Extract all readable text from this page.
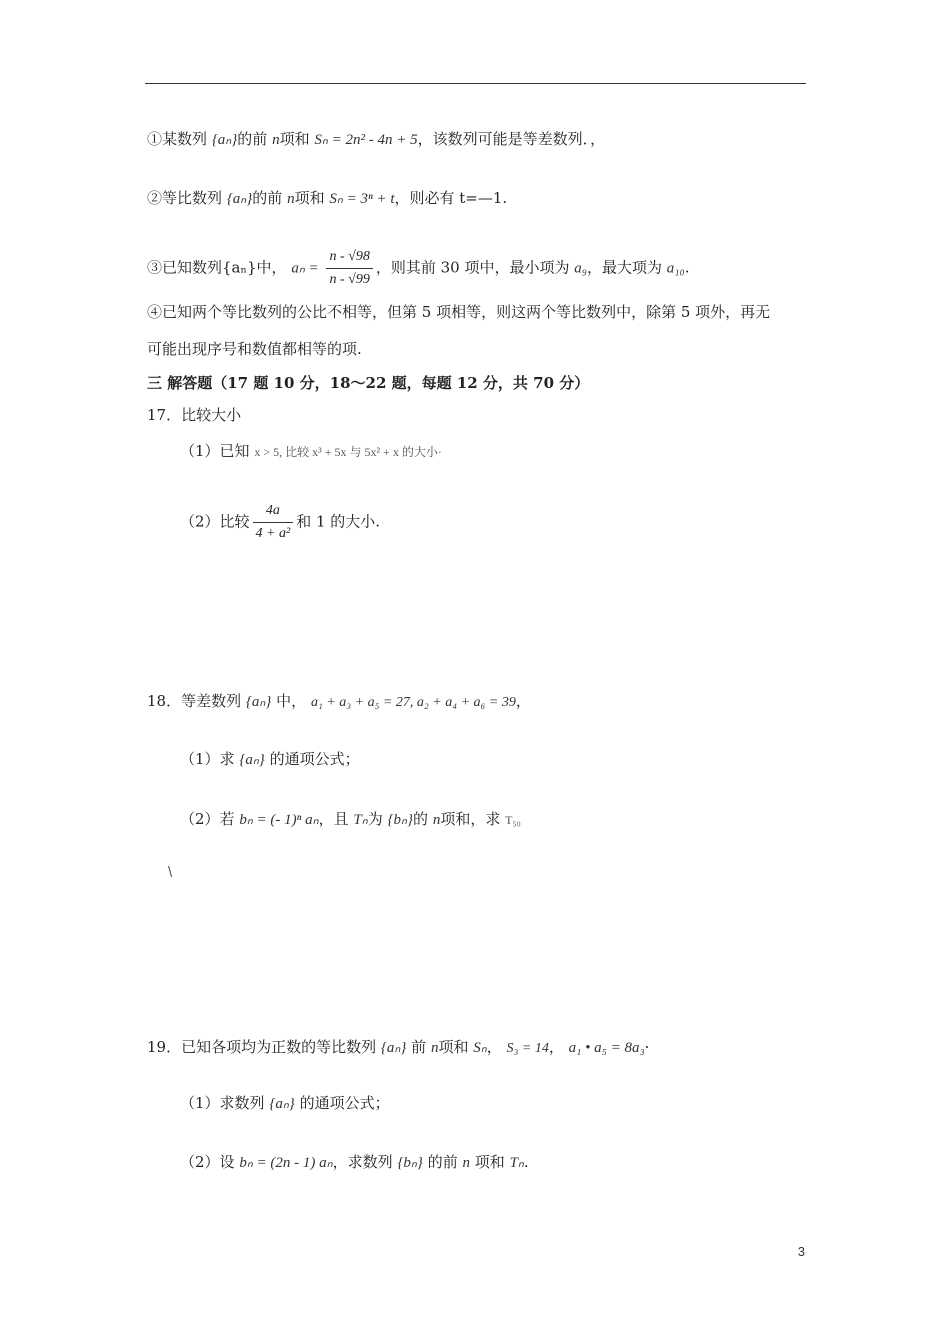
①某数列 {aₙ}的前 n项和 Sₙ = 2n² - 4n + 5，该数列可能是等差数列．，
②等比数列 {aₙ}的前 n项和 Sₙ = 3ⁿ + t，则必有 t=—1.
③已知数列{aₙ}中， $a_n = \frac{n - √98}{n - √99}$ ，则其前 30 项中，最小项为 a₉，最大项为 a₁₀.
④已知两个等比数列的公比不相等，但第 5 项相等，则这两个等比数列中，除第 5 项外，再无
可能出现序号和数值都相等的项.
三 解答题（17 题 10 分，18～22 题，每题 12 分，共 70 分）
17．比较大小
（1）已知 x > 5, 比较 x³ + 5x 与 5x² + x 的大小·
（2）比较 $\frac{4a}{\text{4 + a²}}$ 和 1 的大小.
18．等差数列 {aₙ} 中， a₁ + a₃ + a₅ = 27, a₂ + a₄ + a₆ = 39，
（1）求 {aₙ} 的通项公式；
（2）若 bₙ = (- 1)ⁿ aₙ，且 Tₙ为 {bₙ}的 n项和，求 T₅₀
\
19．已知各项均为正数的等比数列 {aₙ} 前 n项和 Sₙ， S₃ = 14， a₁ • a₅ = 8a₃·
（1）求数列 {aₙ} 的通项公式；
（2）设 bₙ = (2n - 1) aₙ，求数列 {bₙ} 的前 n 项和 Tₙ.
3
